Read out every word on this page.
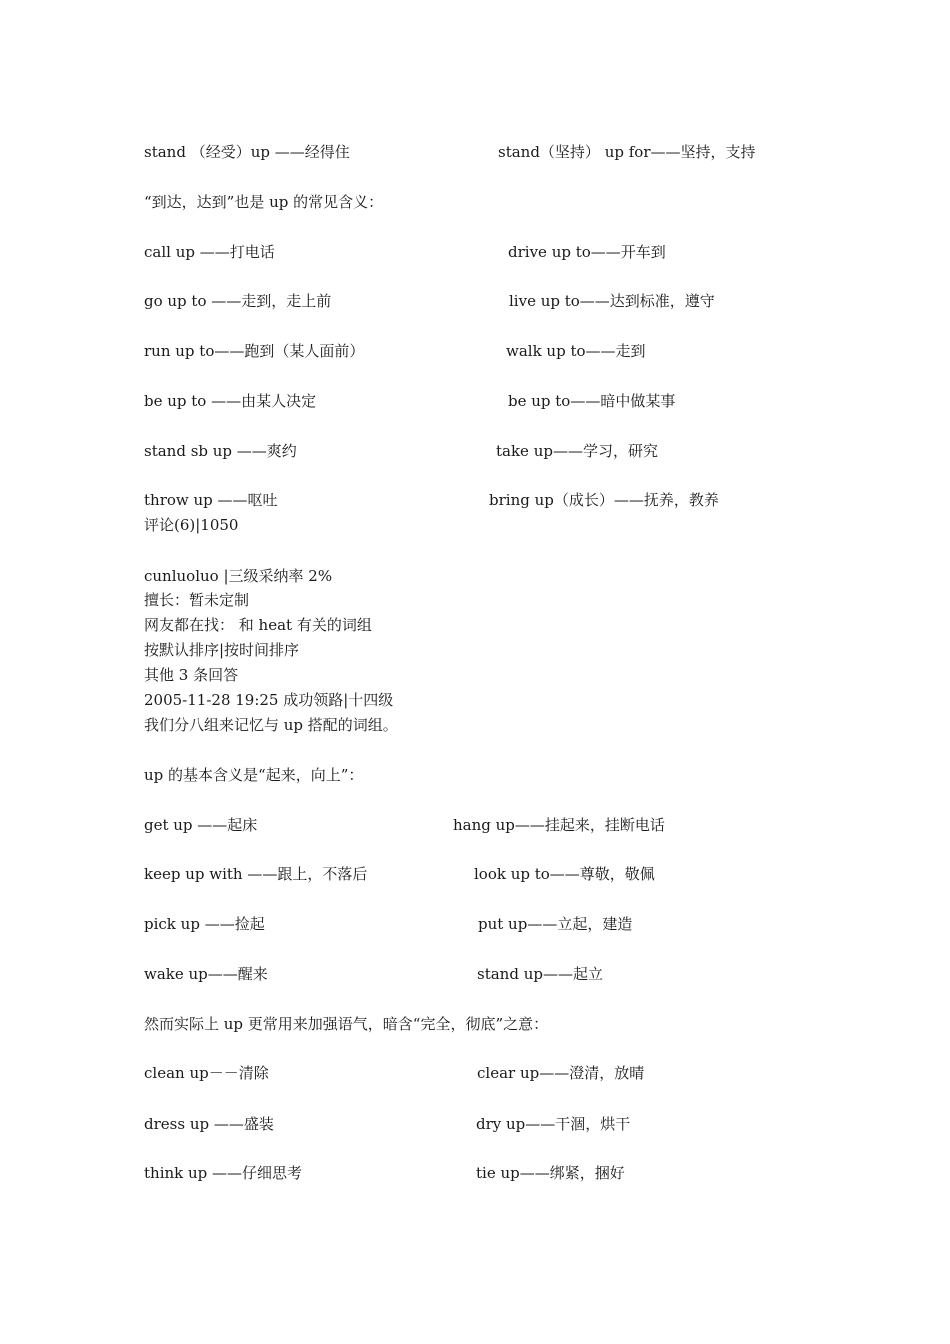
stand （经受）up ——经得住	stand（坚持） up for——坚持，支持
“到达，达到”也是 up 的常见含义：
call up ——打电话	drive up to——开车到
go up to ——走到，走上前	live up to——达到标准，遵守
run up to——跑到（某人面前）	walk up to——走到
be up to ——由某人决定	be up to——暗中做某事
stand sb up ——爽约	take up——学习，研究
throw up ——呕吐	bring up（成长）——抚养，教养
评论(6)|1050
cunluoluo |三级采纳率 2%
擅长：暂未定制
网友都在找： 和 heat 有关的词组
按默认排序|按时间排序
其他 3 条回答
2005-11-28 19:25 成功领路|十四级
我们分八组来记忆与 up 搭配的词组。
up 的基本含义是“起来，向上”：
get up ——起床	hang up——挂起来，挂断电话
keep up with ——跟上，不落后	look up to——尊敬，敬佩
pick up ——捡起	put up——立起，建造
wake up——醒来	stand up——起立
然而实际上 up 更常用来加强语气，暗含“完全，彻底”之意：
clean up－－清除	clear up——澄清，放晴
dress up ——盛装	dry up——干涸，烘干
think up ——仔细思考	tie up——绑紧，捆好
